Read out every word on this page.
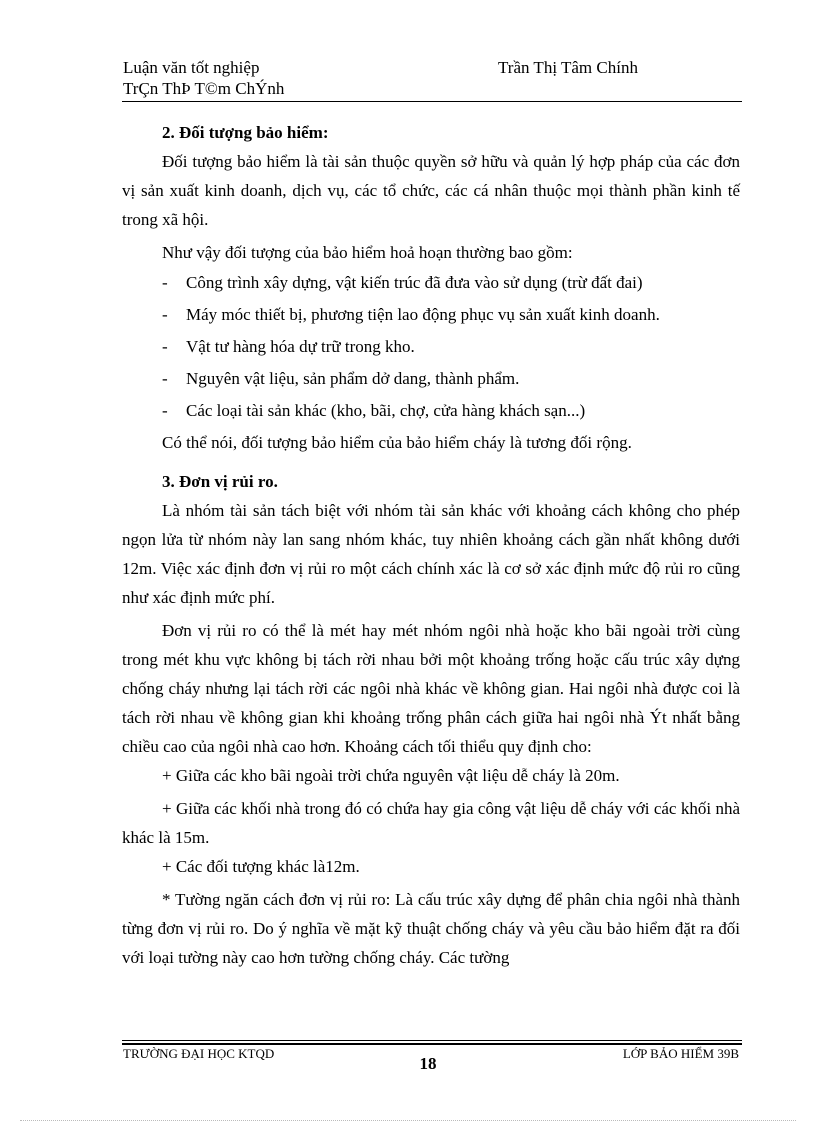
Luận văn tốt nghiệp	Trần Thị Tâm Chính
TrÇn ThÞ T©m ChÝnh

2. Đối tượng bảo hiểm:

Đối tượng bảo hiểm là tài sản thuộc quyền sở hữu và quản lý hợp pháp của các đơn vị sản xuất kinh doanh, dịch vụ, các tổ chức, các cá nhân thuộc mọi thành phần kinh tế trong xã hội.

Như vậy đối tượng của bảo hiểm hoả hoạn thường bao gồm:

- Công trình xây dựng, vật kiến trúc đã đưa vào sử dụng (trừ đất đai)

- Máy móc thiết bị, phương tiện lao động phục vụ sản xuất kinh doanh.

- Vật tư hàng hóa dự trữ trong kho.

- Nguyên vật liệu, sản phẩm dở dang, thành phẩm.

- Các loại tài sản khác (kho, bãi, chợ, cửa hàng khách sạn...)

Có thể nói, đối tượng bảo hiểm của bảo hiểm cháy là tương đối rộng.

3. Đơn vị rủi ro.

Là nhóm tài sản tách biệt với nhóm tài sản khác với khoảng cách không cho phép ngọn lửa từ nhóm này lan sang nhóm khác, tuy nhiên khoảng cách gần nhất không dưới 12m. Việc xác định đơn vị rủi ro một cách chính xác là cơ sở xác định mức độ rủi ro cũng như xác định mức phí.

Đơn vị rủi ro có thể là mét hay mét nhóm ngôi nhà hoặc kho bãi ngoài trời cùng trong mét khu vực không bị tách rời nhau bởi một khoảng trống hoặc cấu trúc xây dựng chống cháy nhưng lại tách rời các ngôi nhà khác về không gian. Hai ngôi nhà được coi là tách rời nhau về không gian khi khoảng trống phân cách giữa hai ngôi nhà Ýt nhất bằng chiều cao của ngôi nhà cao hơn. Khoảng cách tối thiểu quy định cho:

+ Giữa các kho bãi ngoài trời chứa nguyên vật liệu dễ cháy là 20m.

+ Giữa các khối nhà trong đó có chứa hay gia công vật liệu dễ cháy với các khối nhà khác là 15m.

+ Các đối tượng khác là12m.

* Tường ngăn cách đơn vị rủi ro: Là cấu trúc xây dựng để phân chia ngôi nhà thành từng đơn vị rủi ro. Do ý nghĩa về mặt kỹ thuật chống cháy và yêu cầu bảo hiểm đặt ra đối với loại tường này cao hơn tường chống cháy. Các tường

TRƯỜNG ĐẠI HỌC KTQD	LỚP BẢO HIỂM 39B
18
